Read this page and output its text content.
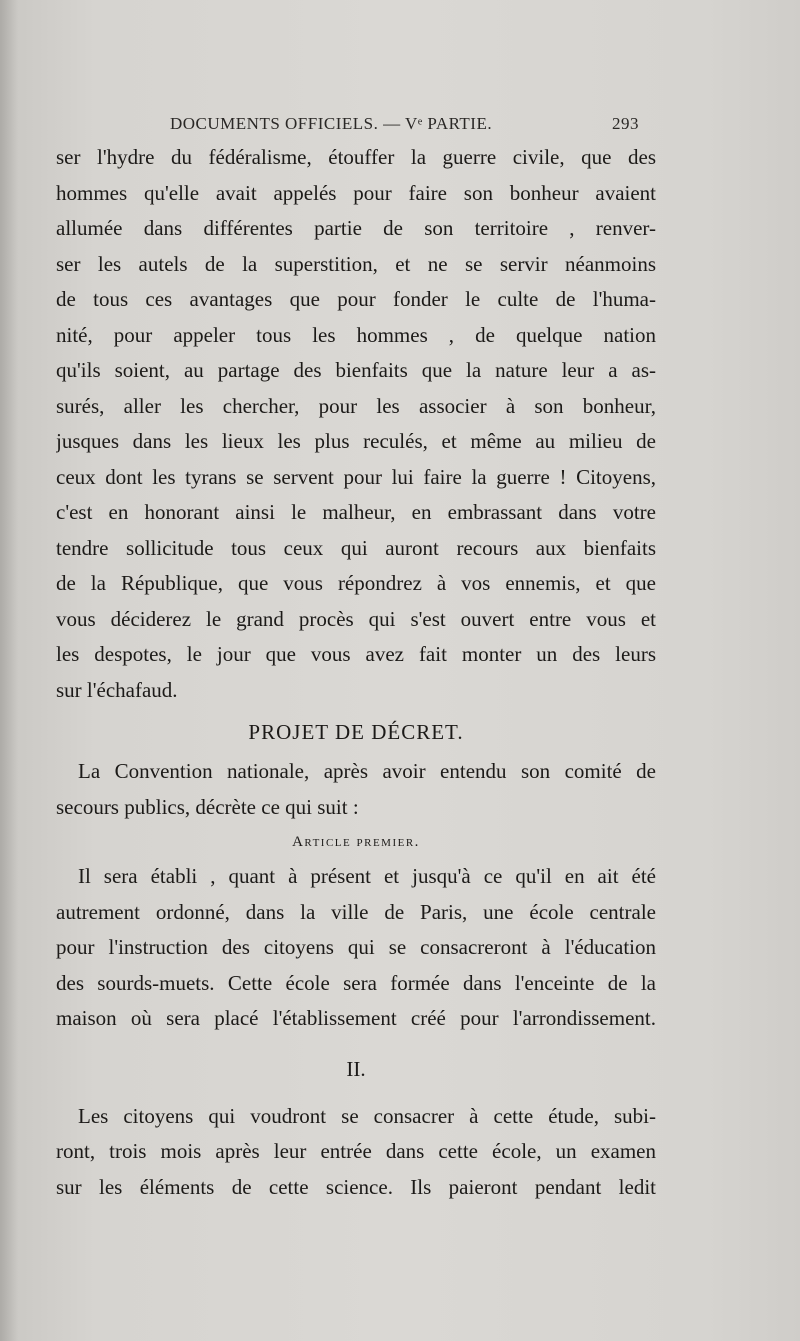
DOCUMENTS OFFICIELS. — Vᵉ PARTIE.	293
ser l'hydre du fédéralisme, étouffer la guerre civile, que des
hommes qu'elle avait appelés pour faire son bonheur avaient
allumée dans différentes partie de son territoire , renver-
ser les autels de la superstition, et ne se servir néanmoins
de tous ces avantages que pour fonder le culte de l'huma-
nité, pour appeler tous les hommes , de quelque nation
qu'ils soient, au partage des bienfaits que la nature leur a as-
surés, aller les chercher, pour les associer à son bonheur,
jusques dans les lieux les plus reculés, et même au milieu de
ceux dont les tyrans se servent pour lui faire la guerre ! Citoyens,
c'est en honorant ainsi le malheur, en embrassant dans votre
tendre sollicitude tous ceux qui auront recours aux bienfaits
de la République, que vous répondrez à vos ennemis, et que
vous déciderez le grand procès qui s'est ouvert entre vous et
les despotes, le jour que vous avez fait monter un des leurs
sur l'échafaud.
PROJET DE DÉCRET.
La Convention nationale, après avoir entendu son comité de
secours publics, décrète ce qui suit :
Article premier.
Il sera établi , quant à présent et jusqu'à ce qu'il en ait été
autrement ordonné, dans la ville de Paris, une école centrale
pour l'instruction des citoyens qui se consacreront à l'éducation
des sourds-muets. Cette école sera formée dans l'enceinte de la
maison où sera placé l'établissement créé pour l'arrondissement.
II.
Les citoyens qui voudront se consacrer à cette étude, subi-
ront, trois mois après leur entrée dans cette école, un examen
sur les éléments de cette science. Ils paieront pendant ledit
